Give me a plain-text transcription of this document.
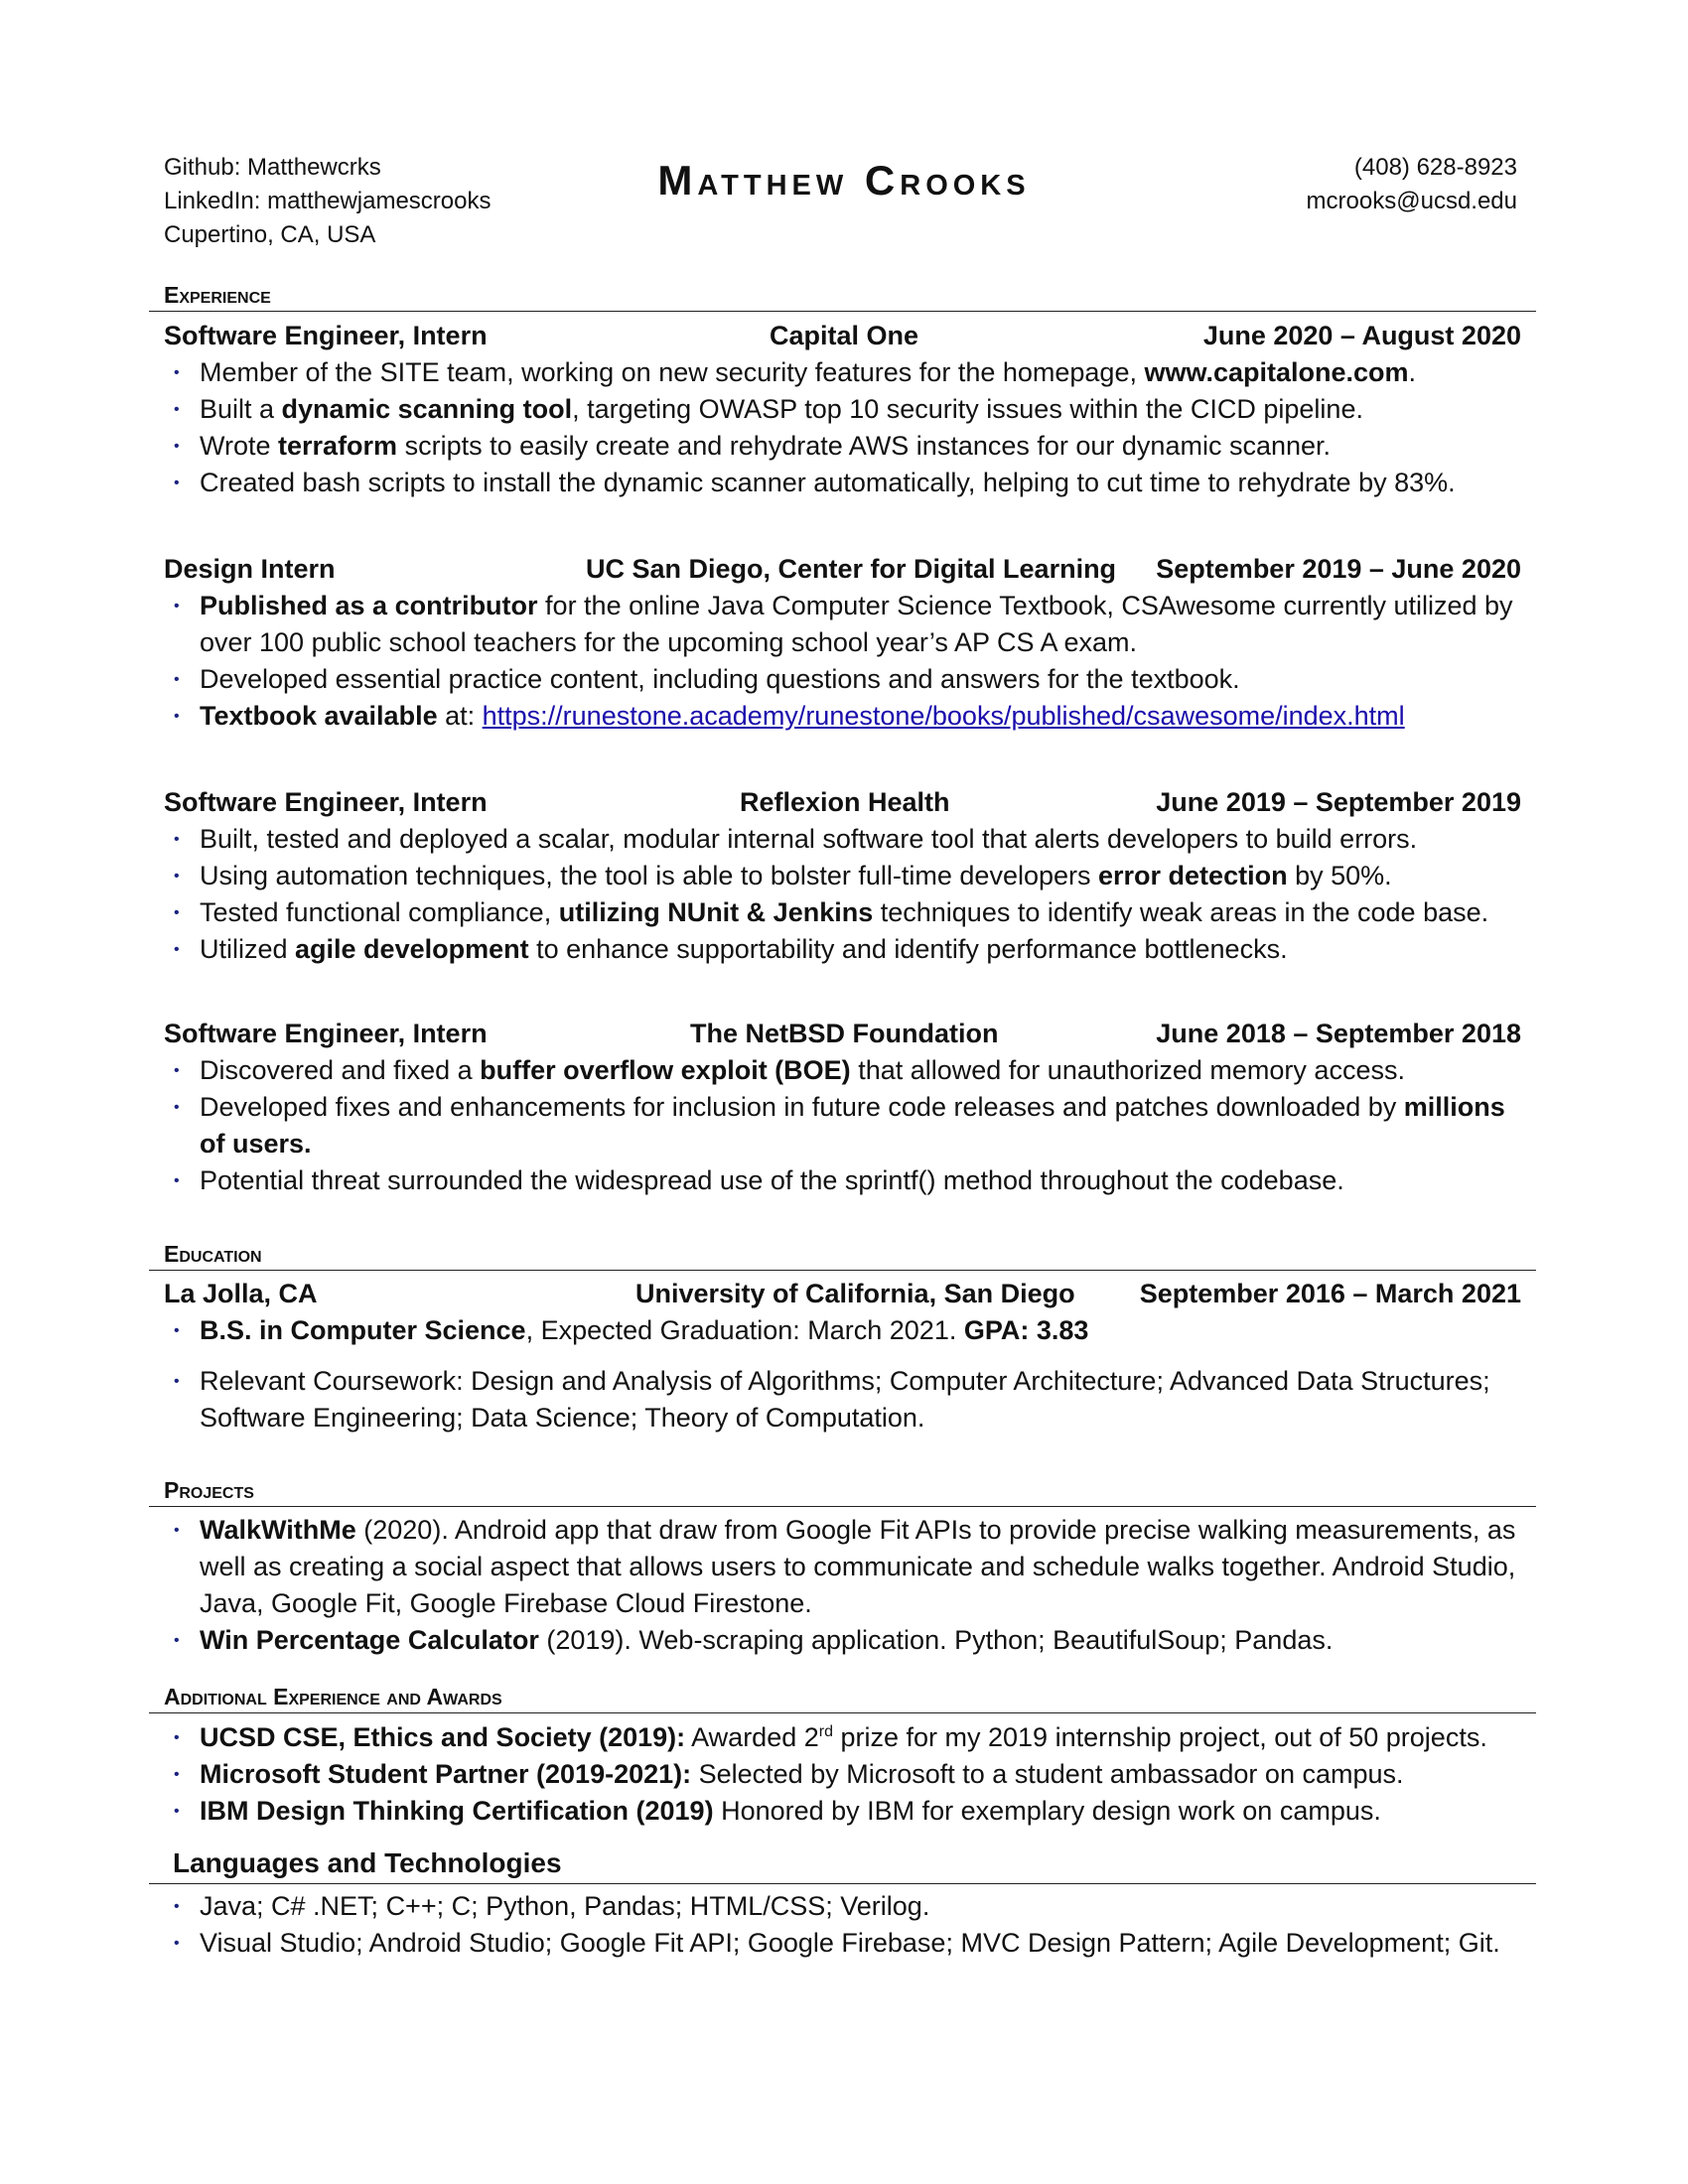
Github: Matthewcrks
LinkedIn: matthewjamescrooks
Cupertino, CA, USA
Matthew Crooks	(408) 628-8923
mcrooks@ucsd.edu
Experience
Software Engineer, Intern	Capital One	June 2020 – August 2020
• Member of the SITE team, working on new security features for the homepage, www.capitalone.com.
• Built a dynamic scanning tool, targeting OWASP top 10 security issues within the CICD pipeline.
• Wrote terraform scripts to easily create and rehydrate AWS instances for our dynamic scanner.
• Created bash scripts to install the dynamic scanner automatically, helping to cut time to rehydrate by 83%.
Design Intern	UC San Diego, Center for Digital Learning September 2019 – June 2020
• Published as a contributor for the online Java Computer Science Textbook, CSAwesome currently utilized by over 100 public school teachers for the upcoming school year’s AP CS A exam.
• Developed essential practice content, including questions and answers for the textbook.
• Textbook available at: https://runestone.academy/runestone/books/published/csawesome/index.html
Software Engineer, Intern	Reflexion Health	June 2019 – September 2019
• Built, tested and deployed a scalar, modular internal software tool that alerts developers to build errors.
• Using automation techniques, the tool is able to bolster full-time developers error detection by 50%.
• Tested functional compliance, utilizing NUnit & Jenkins techniques to identify weak areas in the code base.
• Utilized agile development to enhance supportability and identify performance bottlenecks.
Software Engineer, Intern	The NetBSD Foundation	June 2018 – September 2018
• Discovered and fixed a buffer overflow exploit (BOE) that allowed for unauthorized memory access.
• Developed fixes and enhancements for inclusion in future code releases and patches downloaded by millions of users.
• Potential threat surrounded the widespread use of the sprintf() method throughout the codebase.
Education
La Jolla, CA	University of California, San Diego September 2016 – March 2021
• B.S. in Computer Science, Expected Graduation: March 2021. GPA: 3.83
• Relevant Coursework: Design and Analysis of Algorithms; Computer Architecture; Advanced Data Structures; Software Engineering; Data Science; Theory of Computation.
Projects
• WalkWithMe (2020). Android app that draw from Google Fit APIs to provide precise walking measurements, as well as creating a social aspect that allows users to communicate and schedule walks together. Android Studio, Java, Google Fit, Google Firebase Cloud Firestone.
• Win Percentage Calculator (2019). Web-scraping application. Python; BeautifulSoup; Pandas.
Additional Experience and Awards
• UCSD CSE, Ethics and Society (2019): Awarded 2rd prize for my 2019 internship project, out of 50 projects.
• Microsoft Student Partner (2019-2021): Selected by Microsoft to a student ambassador on campus.
• IBM Design Thinking Certification (2019) Honored by IBM for exemplary design work on campus.
Languages and Technologies
• Java; C# .NET; C++; C; Python, Pandas; HTML/CSS; Verilog.
• Visual Studio; Android Studio; Google Fit API; Google Firebase; MVC Design Pattern; Agile Development; Git.
